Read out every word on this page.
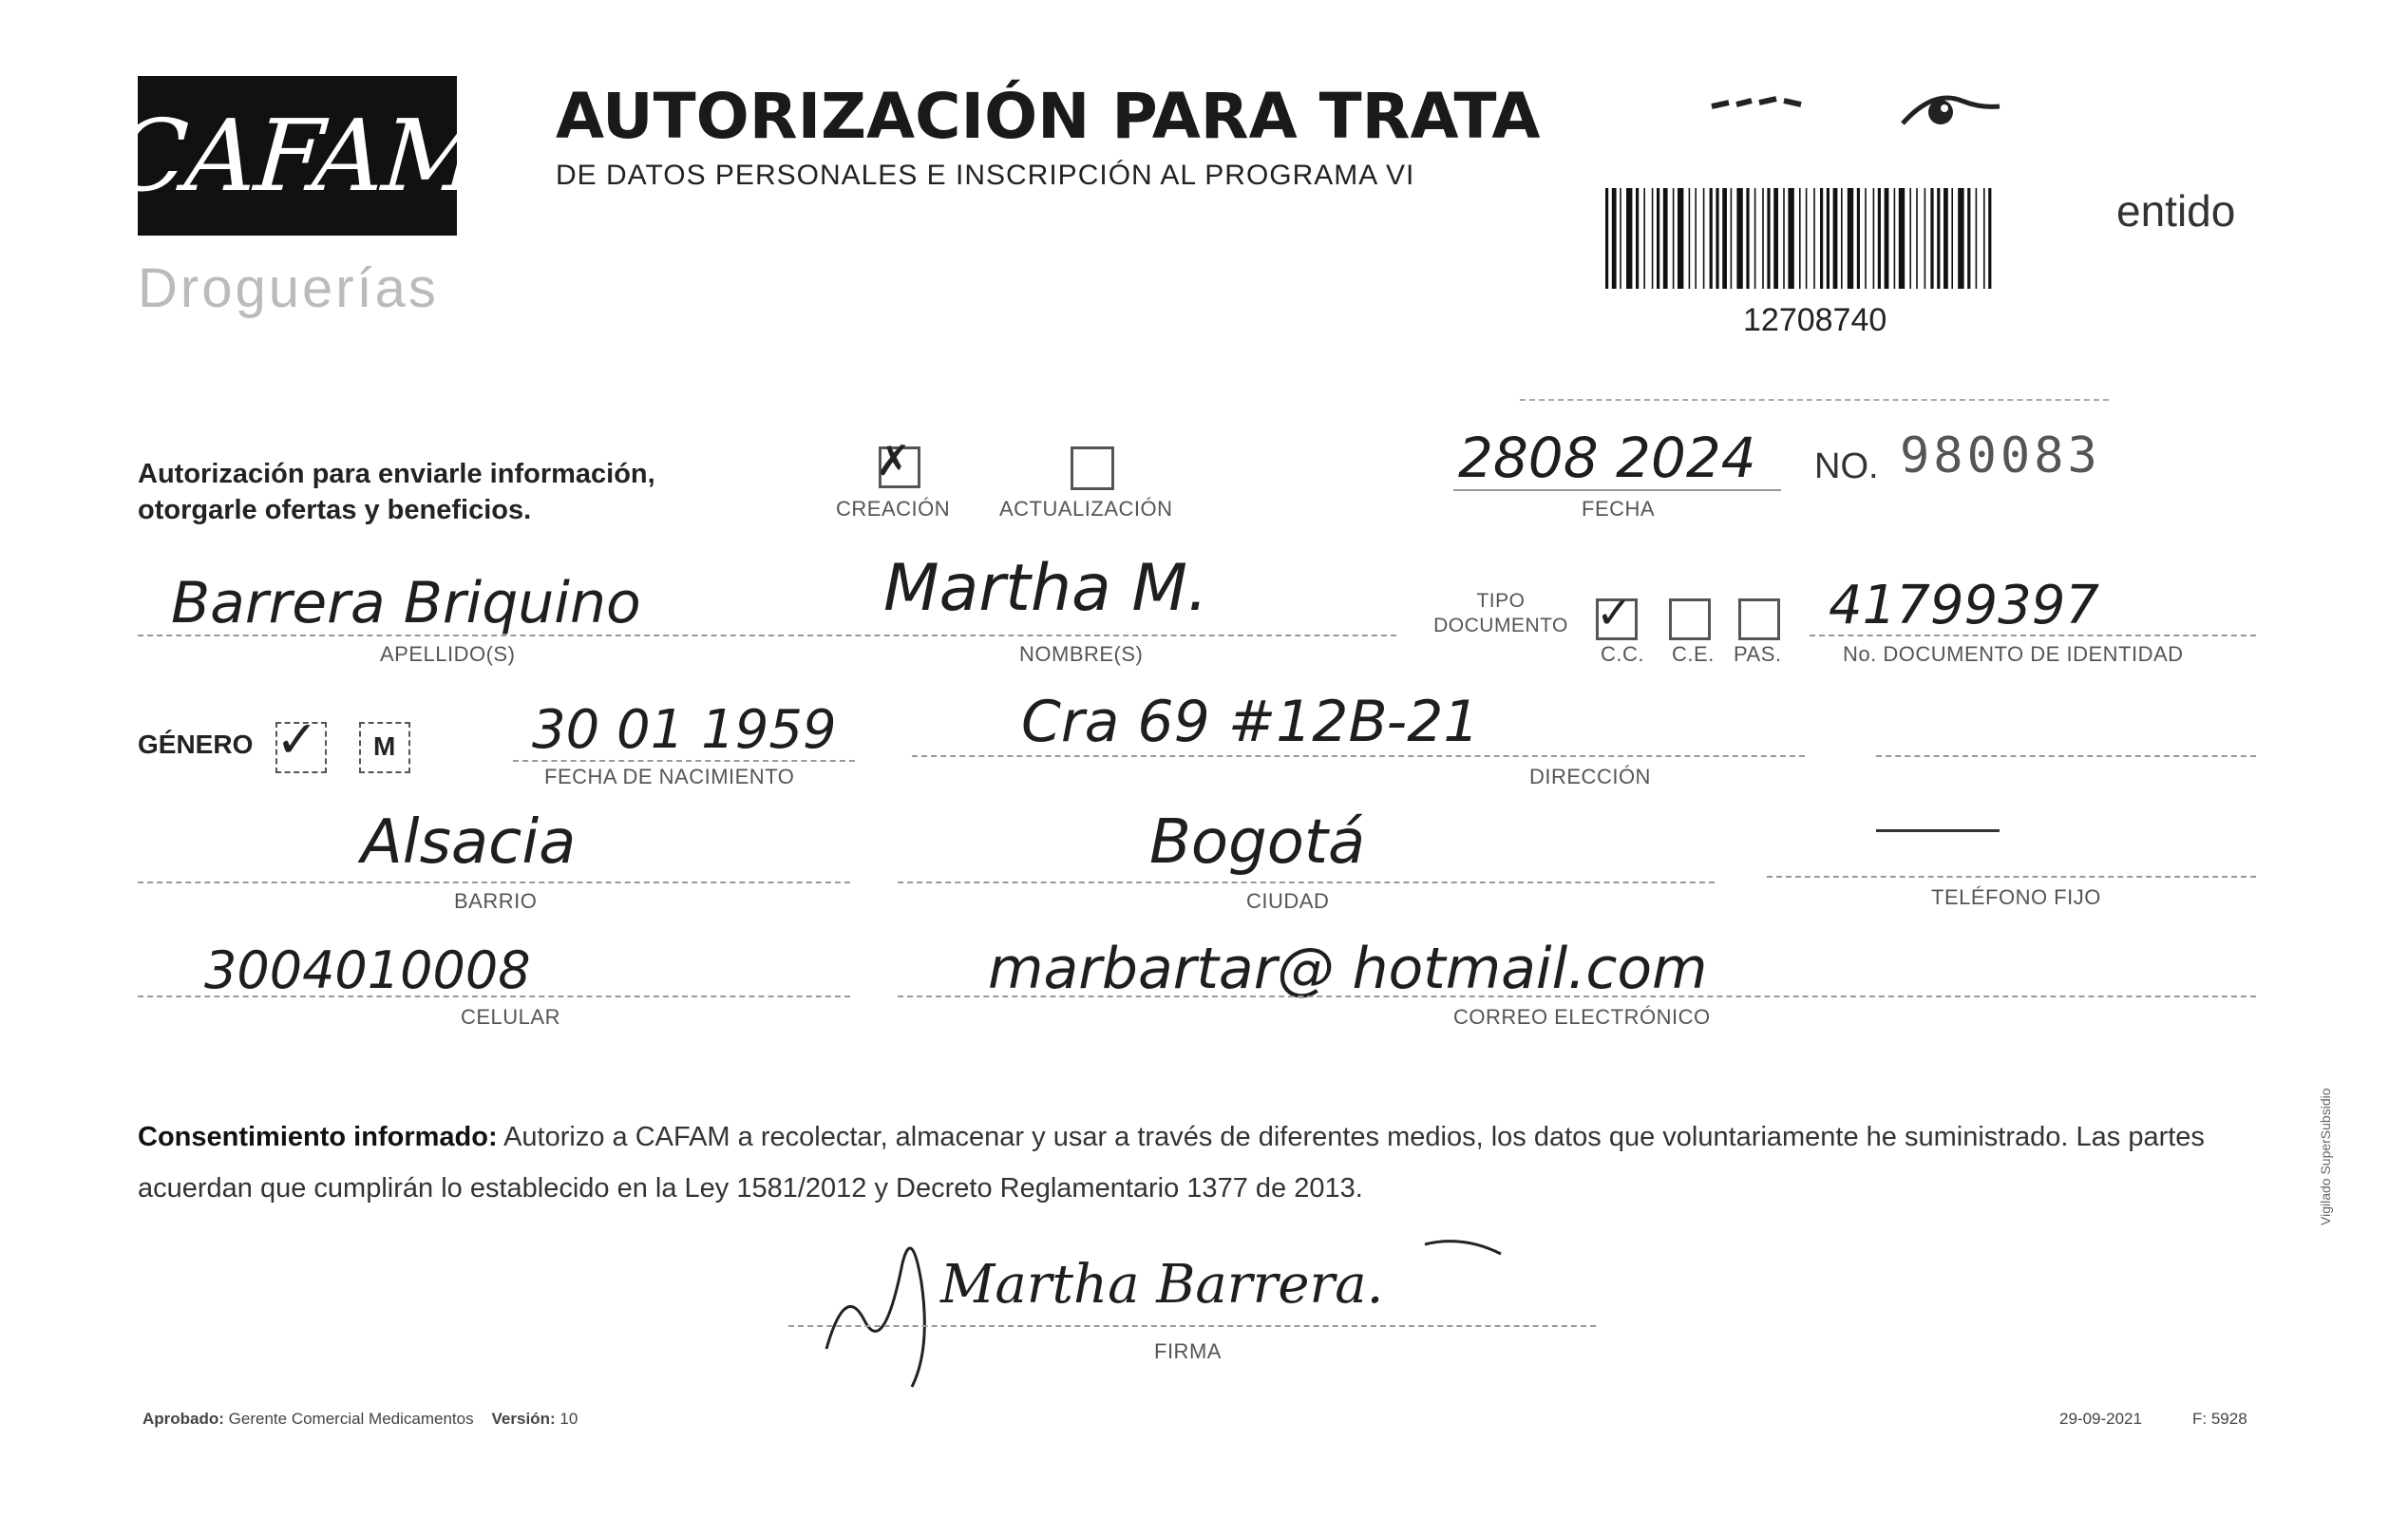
CAFAM
Droguerías
AUTORIZACIÓN PARA TRATA
DE DATOS PERSONALES E INSCRIPCIÓN AL PROGRAMA VI
entido
12708740
Autorización para enviarle información,
otorgarle ofertas y beneficios.
✗
CREACIÓN ACTUALIZACIÓN
2808 2024
FECHA
NO. 980083
Barrera Briquino
APELLIDO(S)
Martha M.
NOMBRE(S)
TIPO DOCUMENTO ✓
C.C. C.E. PAS.
41799397
No. DOCUMENTO DE IDENTIDAD
GÉNERO ✓ M	30 01 1959
FECHA DE NACIMIENTO
Cra 69 #12B-21
DIRECCIÓN
Alsacia
BARRIO
Bogotá
CIUDAD	TELÉFONO FIJO
3004010008
CELULAR
marbartar@ hotmail.com
CORREO ELECTRÓNICO
Consentimiento informado: Autorizo a CAFAM a recolectar, almacenar y usar a través de diferentes medios, los datos que voluntariamente he suministrado. Las partes acuerdan que cumplirán lo establecido en la Ley 1581/2012 y Decreto Reglamentario 1377 de 2013.
Martha Barrera.
FIRMA
Aprobado: Gerente Comercial Medicamentos Versión: 10	29-09-2021	F: 5928
Vigilado SuperSubsidio
